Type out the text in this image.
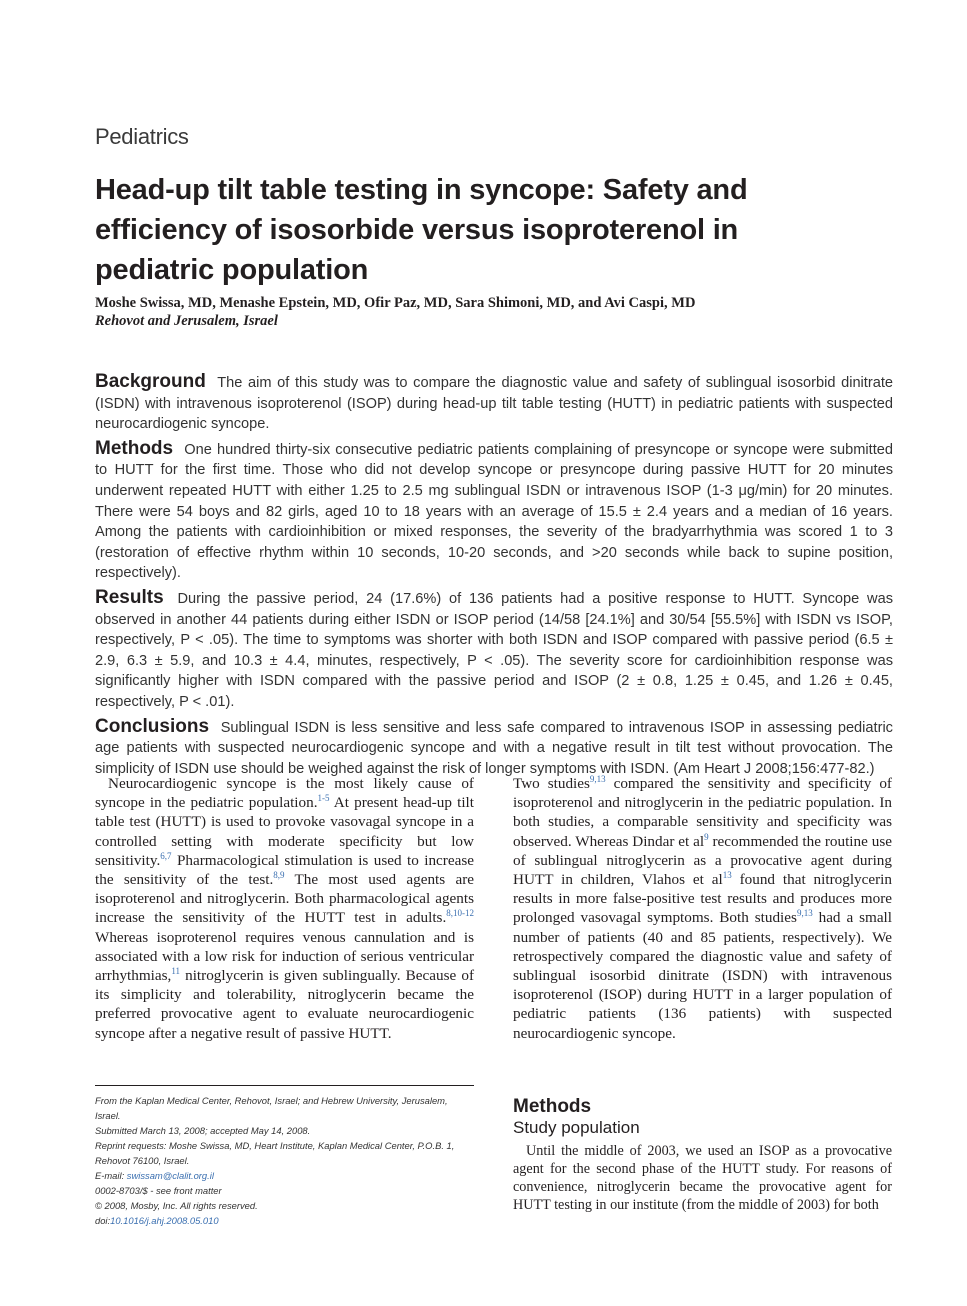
Pediatrics
Head-up tilt table testing in syncope: Safety and
efficiency of isosorbide versus isoproterenol in
pediatric population
Moshe Swissa, MD, Menashe Epstein, MD, Ofir Paz, MD, Sara Shimoni, MD, and Avi Caspi, MD
Rehovot and Jerusalem, Israel

Background The aim of this study was to compare the diagnostic value and safety of sublingual isosorbid dinitrate (ISDN) with intravenous isoproterenol (ISOP) during head-up tilt table testing (HUTT) in pediatric patients with suspected neurocardiogenic syncope.

Methods One hundred thirty-six consecutive pediatric patients complaining of presyncope or syncope were submitted to HUTT for the first time. Those who did not develop syncope or presyncope during passive HUTT for 20 minutes underwent repeated HUTT with either 1.25 to 2.5 mg sublingual ISDN or intravenous ISOP (1-3 μg/min) for 20 minutes. There were 54 boys and 82 girls, aged 10 to 18 years with an average of 15.5 ± 2.4 years and a median of 16 years. Among the patients with cardioinhibition or mixed responses, the severity of the bradyarrhythmia was scored 1 to 3 (restoration of effective rhythm within 10 seconds, 10-20 seconds, and >20 seconds while back to supine position, respectively).

Results During the passive period, 24 (17.6%) of 136 patients had a positive response to HUTT. Syncope was observed in another 44 patients during either ISDN or ISOP period (14/58 [24.1%] and 30/54 [55.5%] with ISDN vs ISOP, respectively, P < .05). The time to symptoms was shorter with both ISDN and ISOP compared with passive period (6.5 ± 2.9, 6.3 ± 5.9, and 10.3 ± 4.4, minutes, respectively, P < .05). The severity score for cardioinhibition response was significantly higher with ISDN compared with the passive period and ISOP (2 ± 0.8, 1.25 ± 0.45, and 1.26 ± 0.45, respectively, P < .01).

Conclusions Sublingual ISDN is less sensitive and less safe compared to intravenous ISOP in assessing pediatric age patients with suspected neurocardiogenic syncope and with a negative result in tilt test without provocation. The simplicity of ISDN use should be weighed against the risk of longer symptoms with ISDN. (Am Heart J 2008;156:477-82.)

Neurocardiogenic syncope is the most likely cause of syncope in the pediatric population.$^{1-5}$ At present head-up tilt table test (HUTT) is used to provoke vasovagal syncope in a controlled setting with moderate specificity but low sensitivity.$^{6,7}$ Pharmacological stimulation is used to increase the sensitivity of the test.$^{8,9}$ The most used agents are isoproterenol and nitroglycerin. Both pharmacological agents increase the sensitivity of the HUTT test in adults.$^{8,10-12}$ Whereas isoproterenol requires venous cannulation and is associated with a low risk for induction of serious ventricular arrhythmias,$^{11}$ nitroglycerin is given sublingually. Because of its simplicity and tolerability, nitroglycerin became the preferred provocative agent to evaluate neurocardiogenic syncope after a negative result of passive HUTT.

Two studies$^{9,13}$ compared the sensitivity and specificity of isoproterenol and nitroglycerin in the pediatric population. In both studies, a comparable sensitivity and specificity was observed. Whereas Dindar et $al^9$ recommended the routine use of sublingual nitroglycerin as a provocative agent during HUTT in children, Vlahos et $al^{13}$ found that nitroglycerin results in more false-positive test results and produces more prolonged vasovagal symptoms. Both studies$^{9,13}$ had a small number of patients (40 and 85 patients, respectively). We retrospectively compared the diagnostic value and safety of sublingual isosorbid dinitrate (ISDN) with intravenous isoproterenol (ISOP) during HUTT in a larger population of pediatric patients (136 patients) with suspected neurocardiogenic syncope.

From the Kaplan Medical Center, Rehovot, Israel; and Hebrew University, Jerusalem, Israel.

Submitted March 13, 2008; accepted May 14, 2008.

Reprint requests: Moshe Swissa, MD, Heart Institute, Kaplan Medical Center, P.O.B. 1, Rehovot 76100, Israel.

E-mail: swissam@clalit.org.il

0002-8703/$ - see front matter

© 2008, Mosby, Inc. All rights reserved.

doi:10.1016/j.ahj.2008.05.010

Methods
Study population

Until the middle of 2003, we used an ISOP as a provocative agent for the second phase of the HUTT study. For reasons of convenience, nitroglycerin became the provocative agent for HUTT testing in our institute (from the middle of 2003) for both
